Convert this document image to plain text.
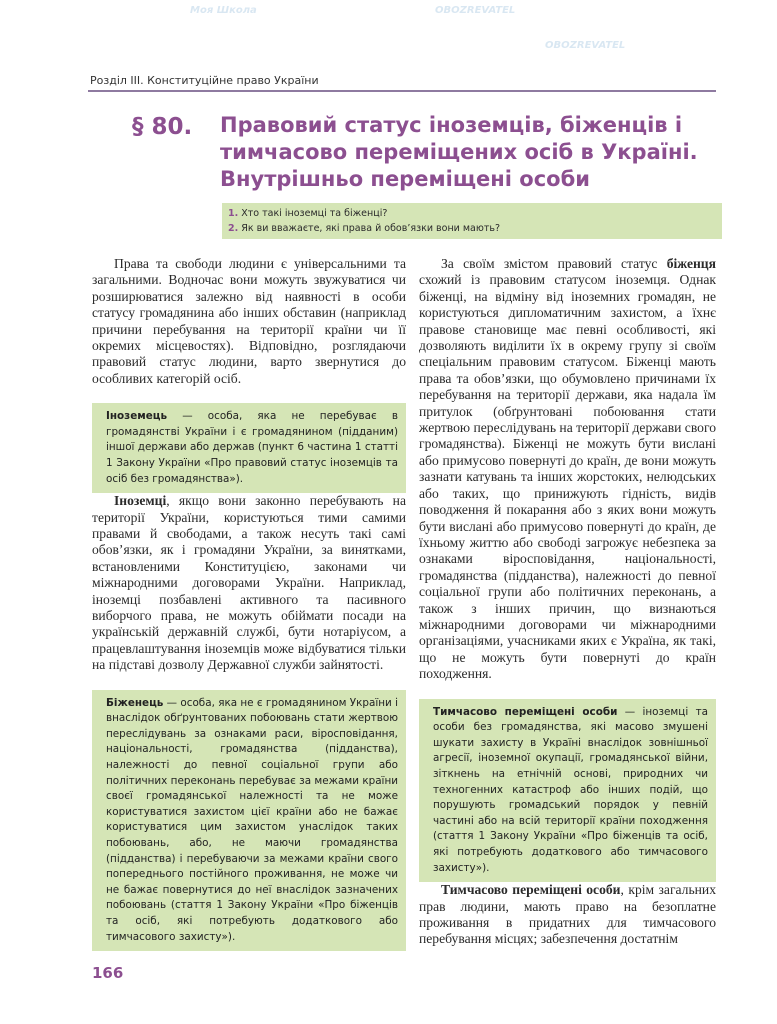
Моя Школа	OBOZREVATEL
OBOZREVATEL
Розділ ІІІ. Конституційне право України
§ 80.	Правовий статус іноземців, біженців і тимчасово переміщених осіб в Україні. Внутрішньо переміщені особи
1. Хто такі іноземці та біженці?
2. Як ви вважаєте, які права й обов’язки вони мають?

Права та свободи людини є універсальними та загальними. Водночас вони можуть звужуватися чи розширюватися залежно від наявності в особи статусу громадянина або інших обставин (наприклад причини перебування на території країни чи її окремих місцевостях). Відповідно, розглядаючи правовий статус людини, варто звернутися до особливих категорій осіб.

Іноземець — особа, яка не перебуває в громадянстві України і є громадянином (підданим) іншої держави або держав (пункт 6 частина 1 статті 1 Закону України «Про правовий статус іноземців та осіб без громадянства»).

Іноземці, якщо вони законно перебувають на території України, користуються тими самими правами й свободами, а також несуть такі самі обов’язки, як і громадяни України, за винятками, встановленими Конституцією, законами чи міжнародними договорами України. Наприклад, іноземці позбавлені активного та пасивного виборчого права, не можуть обіймати посади на українській державній службі, бути нотаріусом, а працевлаштування іноземців може відбуватися тільки на підставі дозволу Державної служби зайнятості.

Біженець — особа, яка не є громадянином України і внаслідок обґрунтованих побоювань стати жертвою переслідувань за ознаками раси, віросповідання, національності, громадянства (підданства), належності до певної соціальної групи або політичних переконань перебуває за межами країни своєї громадянської належності та не може користуватися захистом цієї країни або не бажає користуватися цим захистом унаслідок таких побоювань, або, не маючи громадянства (підданства) і перебуваючи за межами країни свого попереднього постійного проживання, не може чи не бажає повернутися до неї внаслідок зазначених побоювань (стаття 1 Закону України «Про біженців та осіб, які потребують додаткового або тимчасового захисту»).
166

За своїм змістом правовий статус біженця схожий із правовим статусом іноземця. Однак біженці, на відміну від іноземних громадян, не користуються дипломатичним захистом, а їхнє правове становище має певні особливості, які дозволяють виділити їх в окрему групу зі своїм спеціальним правовим статусом. Біженці мають права та обов’язки, що обумовлено причинами їх перебування на території держави, яка надала їм притулок (обґрунтовані побоювання стати жертвою переслідувань на території держави свого громадянства). Біженці не можуть бути вислані або примусово повернуті до країн, де вони можуть зазнати катувань та інших жорстоких, нелюдських або таких, що принижують гідність, видів поводження й покарання або з яких вони можуть бути вислані або примусово повернуті до країн, де їхньому життю або свободі загрожує небезпека за ознаками віросповідання, національності, громадянства (підданства), належності до певної соціальної групи або політичних переконань, а також з інших причин, що визнаються міжнародними договорами чи міжнародними організаціями, учасниками яких є Україна, як такі, що не можуть бути повернуті до країн походження.

Тимчасово переміщені особи — іноземці та особи без громадянства, які масово змушені шукати захисту в Україні внаслідок зовнішньої агресії, іноземної окупації, громадянської війни, зіткнень на етнічній основі, природних чи техногенних катастроф або інших подій, що порушують громадський порядок у певній частині або на всій території країни походження (стаття 1 Закону України «Про біженців та осіб, які потребують додаткового або тимчасового захисту»).

Тимчасово переміщені особи, крім загальних прав людини, мають право на безоплатне проживання в придатних для тимчасового перебування місцях; забезпечення достатнім
